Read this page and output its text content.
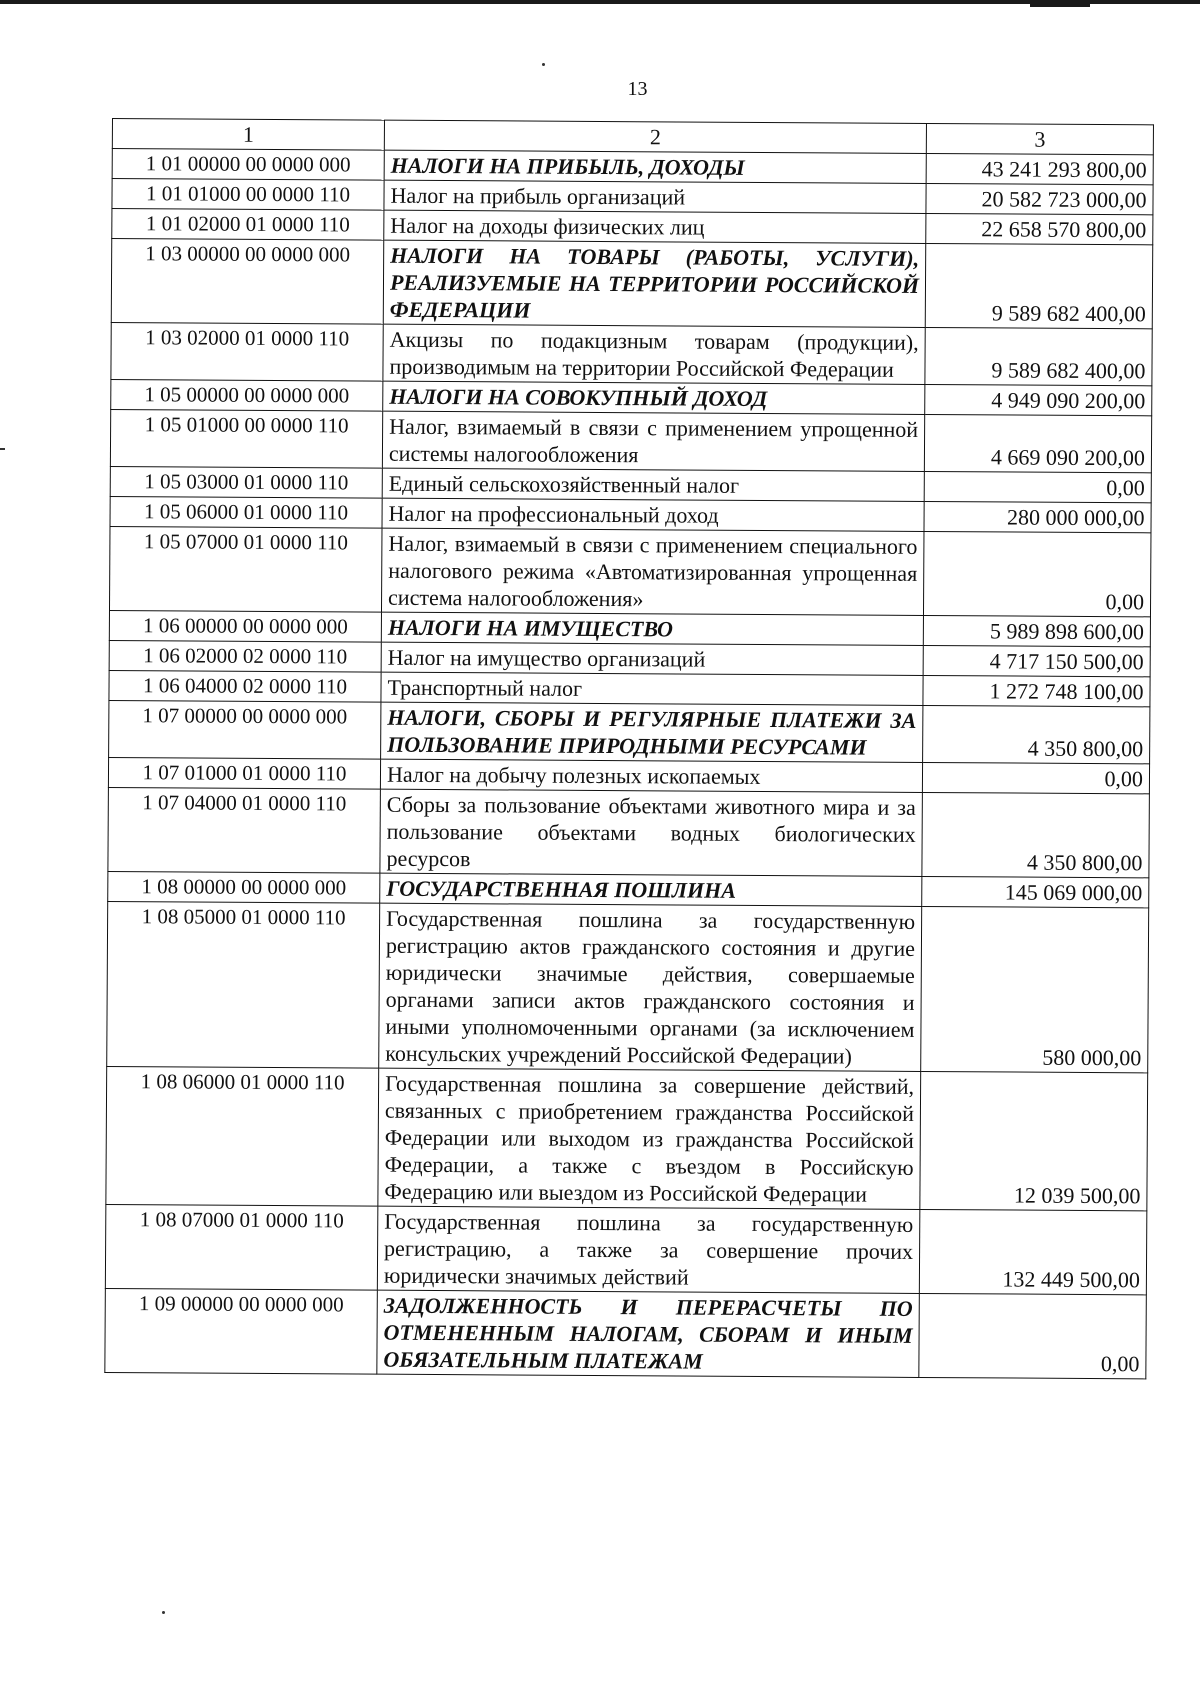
13
1	2	3
1 01 00000 00 0000 000	НАЛОГИ НА ПРИБЫЛЬ, ДОХОДЫ	43 241 293 800,00
1 01 01000 00 0000 110	Налог на прибыль организаций	20 582 723 000,00
1 01 02000 01 0000 110	Налог на доходы физических лиц	22 658 570 800,00
1 03 00000 00 0000 000	НАЛОГИ НА ТОВАРЫ (РАБОТЫ, УСЛУГИ), РЕАЛИЗУЕМЫЕ НА ТЕРРИТОРИИ РОССИЙСКОЙ ФЕДЕРАЦИИ	9 589 682 400,00
1 03 02000 01 0000 110	Акцизы по подакцизным товарам (продукции), производимым на территории Российской Федерации	9 589 682 400,00
1 05 00000 00 0000 000	НАЛОГИ НА СОВОКУПНЫЙ ДОХОД	4 949 090 200,00
1 05 01000 00 0000 110	Налог, взимаемый в связи с применением упрощенной системы налогообложения	4 669 090 200,00
1 05 03000 01 0000 110	Единый сельскохозяйственный налог	0,00
1 05 06000 01 0000 110	Налог на профессиональный доход	280 000 000,00
1 05 07000 01 0000 110	Налог, взимаемый в связи с применением специального налогового режима «Автоматизированная упрощенная система налогообложения»	0,00
1 06 00000 00 0000 000	НАЛОГИ НА ИМУЩЕСТВО	5 989 898 600,00
1 06 02000 02 0000 110	Налог на имущество организаций	4 717 150 500,00
1 06 04000 02 0000 110	Транспортный налог	1 272 748 100,00
1 07 00000 00 0000 000	НАЛОГИ, СБОРЫ И РЕГУЛЯРНЫЕ ПЛАТЕЖИ ЗА ПОЛЬЗОВАНИЕ ПРИРОДНЫМИ РЕСУРСАМИ	4 350 800,00
1 07 01000 01 0000 110	Налог на добычу полезных ископаемых	0,00
1 07 04000 01 0000 110	Сборы за пользование объектами животного мира и за пользование объектами водных биологических ресурсов	4 350 800,00
1 08 00000 00 0000 000	ГОСУДАРСТВЕННАЯ ПОШЛИНА	145 069 000,00
1 08 05000 01 0000 110	Государственная пошлина за государственную регистрацию актов гражданского состояния и другие юридически значимые действия, совершаемые органами записи актов гражданского состояния и иными уполномоченными органами (за исключением консульских учреждений Российской Федерации)	580 000,00
1 08 06000 01 0000 110	Государственная пошлина за совершение действий, связанных с приобретением гражданства Российской Федерации или выходом из гражданства Российской Федерации, а также с въездом в Российскую Федерацию или выездом из Российской Федерации	12 039 500,00
1 08 07000 01 0000 110	Государственная пошлина за государственную регистрацию, а также за совершение прочих юридически значимых действий	132 449 500,00
1 09 00000 00 0000 000	ЗАДОЛЖЕННОСТЬ И ПЕРЕРАСЧЕТЫ ПО ОТМЕНЕННЫМ НАЛОГАМ, СБОРАМ И ИНЫМ ОБЯЗАТЕЛЬНЫМ ПЛАТЕЖАМ	0,00
